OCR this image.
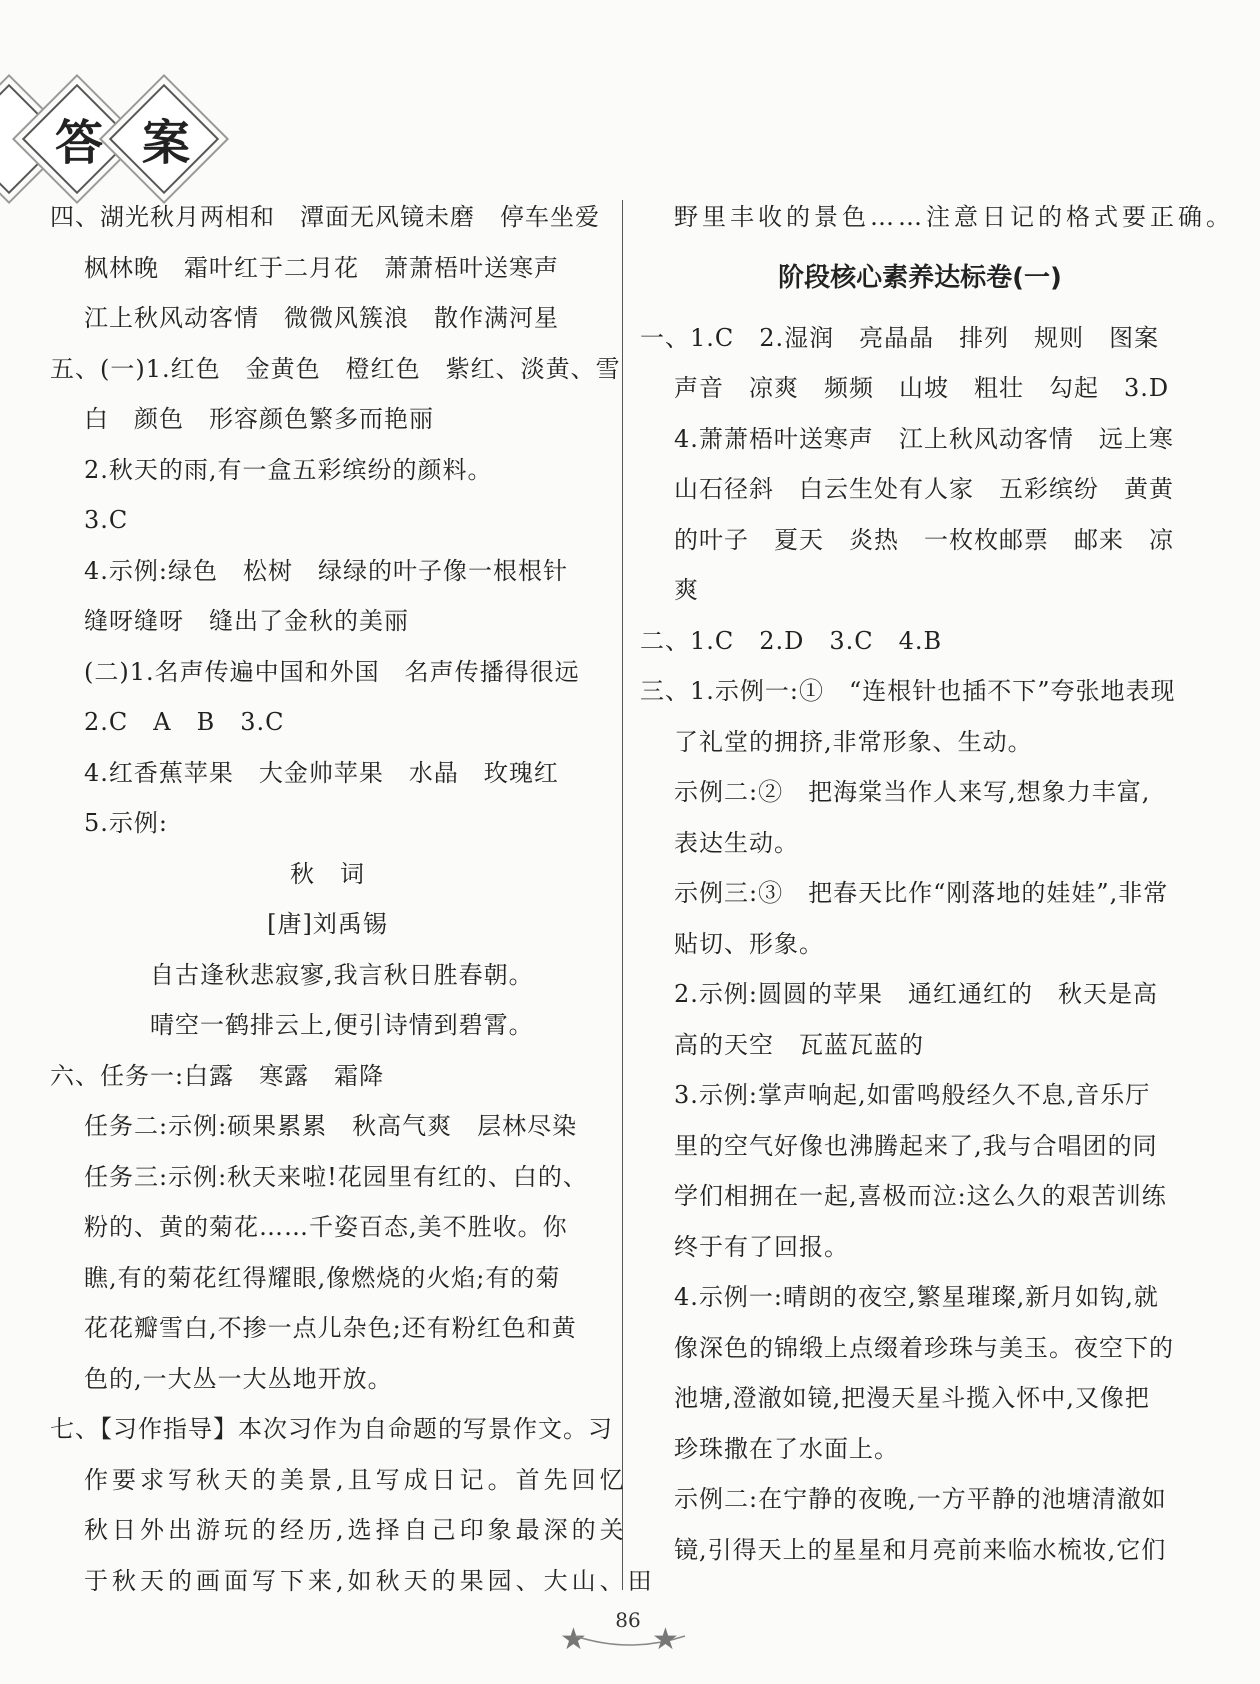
答 案
四、湖光秋月两相和　潭面无风镜未磨　停车坐爱
枫林晚　霜叶红于二月花　萧萧梧叶送寒声
江上秋风动客情　微微风簇浪　散作满河星
五、(一)1.红色　金黄色　橙红色　紫红、淡黄、雪
白　颜色　形容颜色繁多而艳丽
2.秋天的雨,有一盒五彩缤纷的颜料。
3.C
4.示例:绿色　松树　绿绿的叶子像一根根针
缝呀缝呀　缝出了金秋的美丽
(二)1.名声传遍中国和外国　名声传播得很远
2.C　A　B　3.C
4.红香蕉苹果　大金帅苹果　水晶　玫瑰红
5.示例:
秋　词
[唐]刘禹锡
自古逢秋悲寂寥,我言秋日胜春朝。
晴空一鹤排云上,便引诗情到碧霄。
六、任务一:白露　寒露　霜降
任务二:示例:硕果累累　秋高气爽　层林尽染
任务三:示例:秋天来啦!花园里有红的、白的、
粉的、黄的菊花……千姿百态,美不胜收。你
瞧,有的菊花红得耀眼,像燃烧的火焰;有的菊
花花瓣雪白,不掺一点儿杂色;还有粉红色和黄
色的,一大丛一大丛地开放。
七、【习作指导】本次习作为自命题的写景作文。习
作要求写秋天的美景,且写成日记。首先回忆
秋日外出游玩的经历,选择自己印象最深的关
于秋天的画面写下来,如秋天的果园、大山、田
野里丰收的景色……注意日记的格式要正确。
阶段核心素养达标卷(一)
一、1.C　2.湿润　亮晶晶　排列　规则　图案
声音　凉爽　频频　山坡　粗壮　勾起　3.D
4.萧萧梧叶送寒声　江上秋风动客情　远上寒
山石径斜　白云生处有人家　五彩缤纷　黄黄
的叶子　夏天　炎热　一枚枚邮票　邮来　凉
爽
二、1.C　2.D　3.C　4.B
三、1.示例一:①　“连根针也插不下”夸张地表现
了礼堂的拥挤,非常形象、生动。
示例二:②　把海棠当作人来写,想象力丰富,
表达生动。
示例三:③　把春天比作“刚落地的娃娃”,非常
贴切、形象。
2.示例:圆圆的苹果　通红通红的　秋天是高
高的天空　瓦蓝瓦蓝的
3.示例:掌声响起,如雷鸣般经久不息,音乐厅
里的空气好像也沸腾起来了,我与合唱团的同
学们相拥在一起,喜极而泣:这么久的艰苦训练
终于有了回报。
4.示例一:晴朗的夜空,繁星璀璨,新月如钩,就
像深色的锦缎上点缀着珍珠与美玉。夜空下的
池塘,澄澈如镜,把漫天星斗揽入怀中,又像把
珍珠撒在了水面上。
示例二:在宁静的夜晚,一方平静的池塘清澈如
镜,引得天上的星星和月亮前来临水梳妆,它们
★
86
★
